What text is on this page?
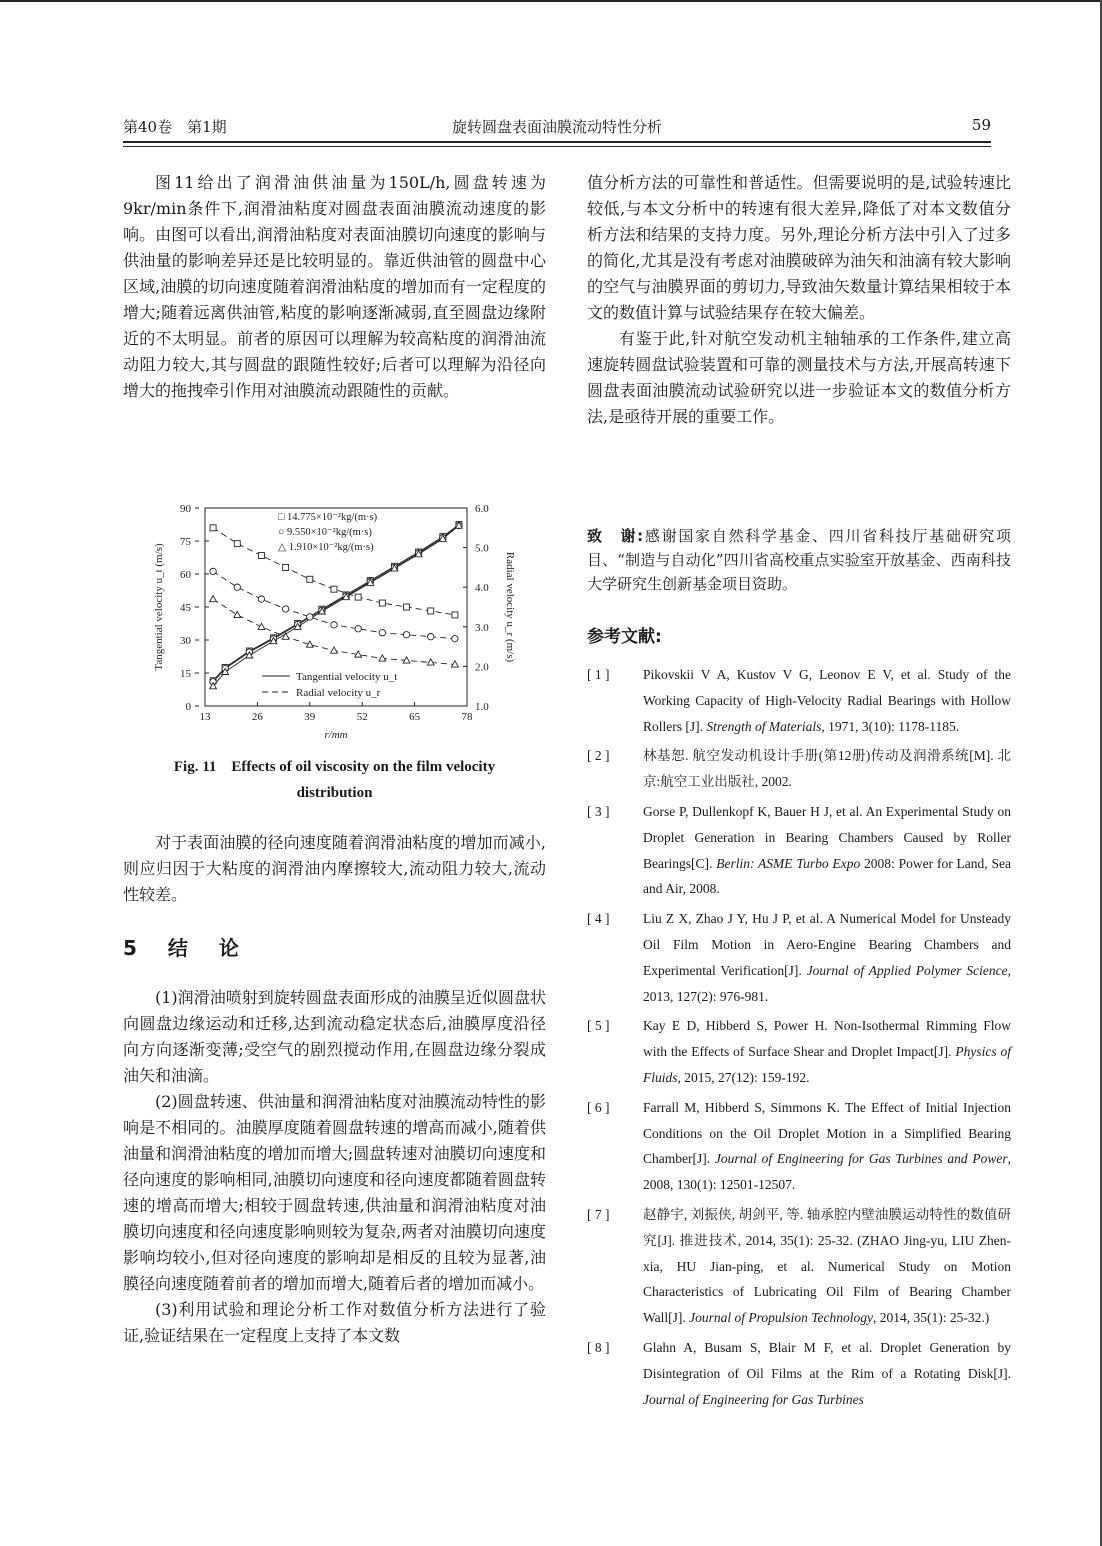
第40卷　第1期	旋转圆盘表面油膜流动特性分析	59

图11给出了润滑油供油量为150L/h,圆盘转速为9kr/min条件下,润滑油粘度对圆盘表面油膜流动速度的影响。由图可以看出,润滑油粘度对表面油膜切向速度的影响与供油量的影响差异还是比较明显的。靠近供油管的圆盘中心区域,油膜的切向速度随着润滑油粘度的增加而有一定程度的增大;随着远离供油管,粘度的影响逐渐减弱,直至圆盘边缘附近的不太明显。前者的原因可以理解为较高粘度的润滑油流动阻力较大,其与圆盘的跟随性较好;后者可以理解为沿径向增大的拖拽牵引作用对油膜流动跟随性的贡献。

13	26	39	52	65	78
0
15
30
45
60
75
90
1.0
2.0
3.0
4.0
5.0
6.0
r/mm
Tangential velocity u_t (m/s)	Radial velocity u_r (m/s)
□ 14.775×10⁻²kg/(m·s)
○ 9.550×10⁻²kg/(m·s)
△ 1.910×10⁻²kg/(m·s)
Tangential velocity u_t
Radial velocity u_r
Fig. 11　Effects of oil viscosity on the film velocity
distribution

对于表面油膜的径向速度随着润滑油粘度的增加而减小,则应归因于大粘度的润滑油内摩擦较大,流动阻力较大,流动性较差。

5 结 论

(1)润滑油喷射到旋转圆盘表面形成的油膜呈近似圆盘状向圆盘边缘运动和迁移,达到流动稳定状态后,油膜厚度沿径向方向逐渐变薄;受空气的剧烈搅动作用,在圆盘边缘分裂成油矢和油滴。

(2)圆盘转速、供油量和润滑油粘度对油膜流动特性的影响是不相同的。油膜厚度随着圆盘转速的增高而减小,随着供油量和润滑油粘度的增加而增大;圆盘转速对油膜切向速度和径向速度的影响相同,油膜切向速度和径向速度都随着圆盘转速的增高而增大;相较于圆盘转速,供油量和润滑油粘度对油膜切向速度和径向速度影响则较为复杂,两者对油膜切向速度影响均较小,但对径向速度的影响却是相反的且较为显著,油膜径向速度随着前者的增加而增大,随着后者的增加而减小。

(3)利用试验和理论分析工作对数值分析方法进行了验证,验证结果在一定程度上支持了本文数

值分析方法的可靠性和普适性。但需要说明的是,试验转速比较低,与本文分析中的转速有很大差异,降低了对本文数值分析方法和结果的支持力度。另外,理论分析方法中引入了过多的简化,尤其是没有考虑对油膜破碎为油矢和油滴有较大影响的空气与油膜界面的剪切力,导致油矢数量计算结果相较于本文的数值计算与试验结果存在较大偏差。

有鉴于此,针对航空发动机主轴轴承的工作条件,建立高速旋转圆盘试验装置和可靠的测量技术与方法,开展高转速下圆盘表面油膜流动试验研究以进一步验证本文的数值分析方法,是亟待开展的重要工作。

致　谢:感谢国家自然科学基金、四川省科技厅基础研究项目、“制造与自动化”四川省高校重点实验室开放基金、西南科技大学研究生创新基金项目资助。
参考文献:
[ 1 ]	Pikovskii V A, Kustov V G, Leonov E V, et al. Study of the Working Capacity of High-Velocity Radial Bearings with Hollow Rollers [J]. Strength of Materials, 1971, 3(10): 1178-1185.
[ 2 ]	林基恕. 航空发动机设计手册(第12册)传动及润滑系统[M]. 北京:航空工业出版社, 2002.
[ 3 ]	Gorse P, Dullenkopf K, Bauer H J, et al. An Experimental Study on Droplet Generation in Bearing Chambers Caused by Roller Bearings[C]. Berlin: ASME Turbo Expo 2008: Power for Land, Sea and Air, 2008.
[ 4 ]	Liu Z X, Zhao J Y, Hu J P, et al. A Numerical Model for Unsteady Oil Film Motion in Aero-Engine Bearing Chambers and Experimental Verification[J]. Journal of Applied Polymer Science, 2013, 127(2): 976-981.
[ 5 ]	Kay E D, Hibberd S, Power H. Non-Isothermal Rimming Flow with the Effects of Surface Shear and Droplet Impact[J]. Physics of Fluids, 2015, 27(12): 159-192.
[ 6 ]	Farrall M, Hibberd S, Simmons K. The Effect of Initial Injection Conditions on the Oil Droplet Motion in a Simplified Bearing Chamber[J]. Journal of Engineering for Gas Turbines and Power, 2008, 130(1): 12501-12507.
[ 7 ]	赵静宇, 刘振侠, 胡剑平, 等. 轴承腔内壁油膜运动特性的数值研究[J]. 推进技术, 2014, 35(1): 25-32. (ZHAO Jing-yu, LIU Zhen-xia, HU Jian-ping, et al. Numerical Study on Motion Characteristics of Lubricating Oil Film of Bearing Chamber Wall[J]. Journal of Propulsion Technology, 2014, 35(1): 25-32.)
[ 8 ]	Glahn A, Busam S, Blair M F, et al. Droplet Generation by Disintegration of Oil Films at the Rim of a Rotating Disk[J]. Journal of Engineering for Gas Turbines
